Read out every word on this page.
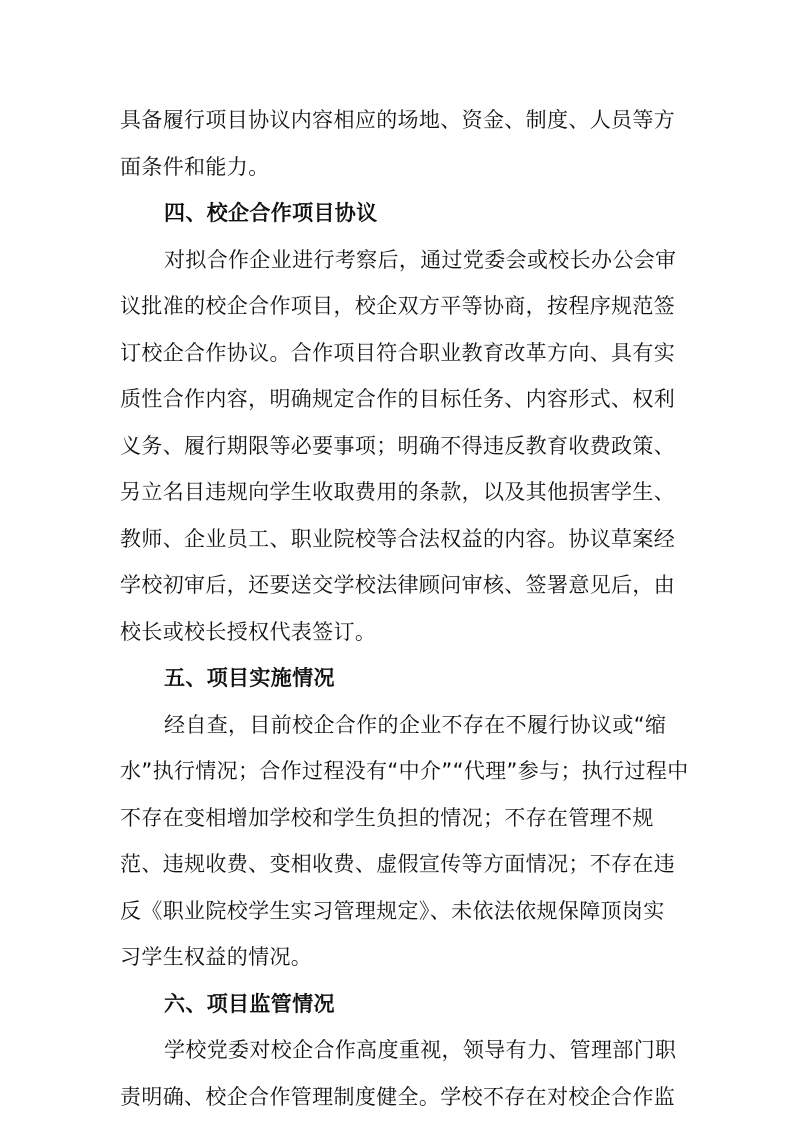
具备履行项目协议内容相应的场地、资金、制度、人员等方
面条件和能力。
四、校企合作项目协议
对拟合作企业进行考察后，通过党委会或校长办公会审
议批准的校企合作项目，校企双方平等协商，按程序规范签
订校企合作协议。合作项目符合职业教育改革方向、具有实
质性合作内容，明确规定合作的目标任务、内容形式、权利
义务、履行期限等必要事项；明确不得违反教育收费政策、
另立名目违规向学生收取费用的条款，以及其他损害学生、
教师、企业员工、职业院校等合法权益的内容。协议草案经
学校初审后，还要送交学校法律顾问审核、签署意见后，由
校长或校长授权代表签订。
五、项目实施情况
经自查，目前校企合作的企业不存在不履行协议或“缩
水”执行情况；合作过程没有“中介”“代理”参与；执行过程中
不存在变相增加学校和学生负担的情况；不存在管理不规
范、违规收费、变相收费、虚假宣传等方面情况；不存在违
反《职业院校学生实习管理规定》、未依法依规保障顶岗实
习学生权益的情况。
六、项目监管情况
学校党委对校企合作高度重视，领导有力、管理部门职
责明确、校企合作管理制度健全。学校不存在对校企合作监
